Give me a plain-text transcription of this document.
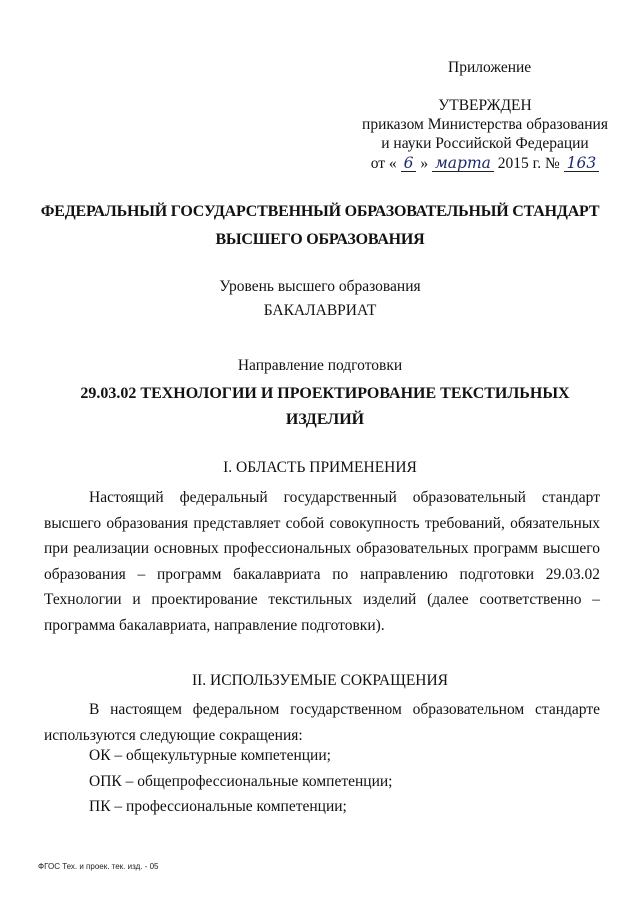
Приложение
УТВЕРЖДЕН
приказом Министерства образования
и науки Российской Федерации
от « 6 » марта 2015 г. № 163
ФЕДЕРАЛЬНЫЙ ГОСУДАРСТВЕННЫЙ ОБРАЗОВАТЕЛЬНЫЙ СТАНДАРТ
ВЫСШЕГО ОБРАЗОВАНИЯ
Уровень высшего образования
БАКАЛАВРИАТ
Направление подготовки
29.03.02 ТЕХНОЛОГИИ И ПРОЕКТИРОВАНИЕ ТЕКСТИЛЬНЫХ ИЗДЕЛИЙ
I. ОБЛАСТЬ ПРИМЕНЕНИЯ
Настоящий федеральный государственный образовательный стандарт высшего образования представляет собой совокупность требований, обязательных при реализации основных профессиональных образовательных программ высшего образования – программ бакалавриата по направлению подготовки 29.03.02 Технологии и проектирование текстильных изделий (далее соответственно – программа бакалавриата, направление подготовки).
II. ИСПОЛЬЗУЕМЫЕ СОКРАЩЕНИЯ
В настоящем федеральном государственном образовательном стандарте используются следующие сокращения:
ОК – общекультурные компетенции;
ОПК – общепрофессиональные компетенции;
ПК – профессиональные компетенции;
ФГОС Тех. и проек. тек. изд. - 05
